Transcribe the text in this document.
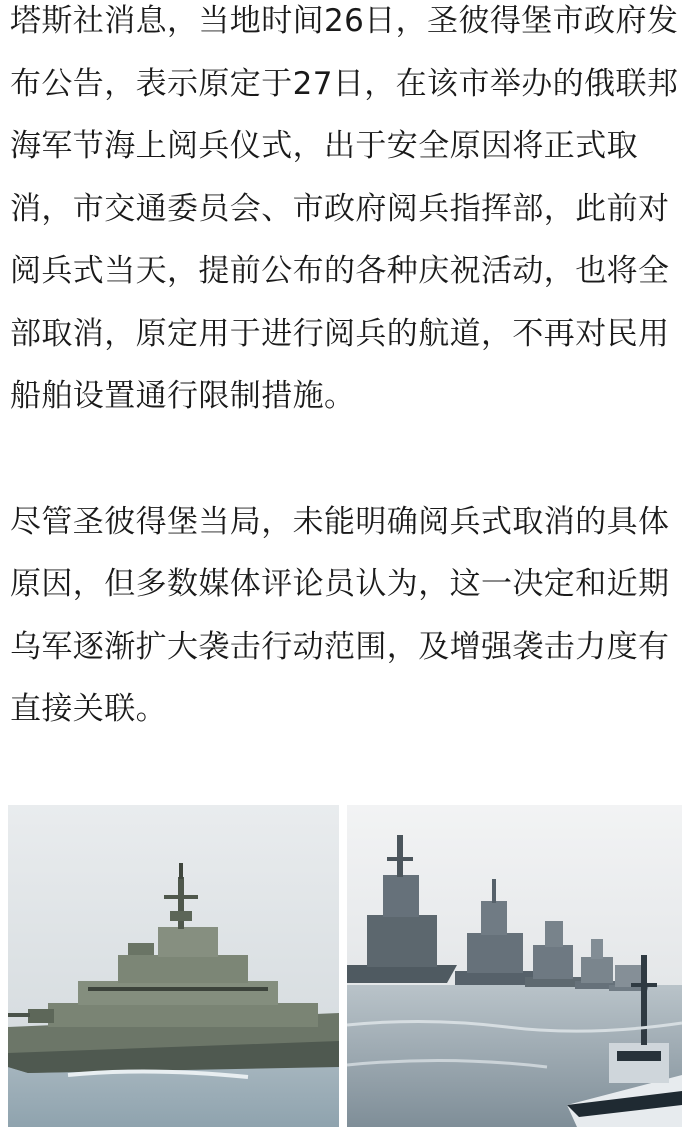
塔斯社消息，当地时间26日，圣彼得堡市政府发布公告，表示原定于27日，在该市举办的俄联邦海军节海上阅兵仪式，出于安全原因将正式取消，市交通委员会、市政府阅兵指挥部，此前对阅兵式当天，提前公布的各种庆祝活动，也将全部取消，原定用于进行阅兵的航道，不再对民用船舶设置通行限制措施。

尽管圣彼得堡当局，未能明确阅兵式取消的具体原因，但多数媒体评论员认为，这一决定和近期乌军逐渐扩大袭击行动范围，及增强袭击力度有直接关联。
